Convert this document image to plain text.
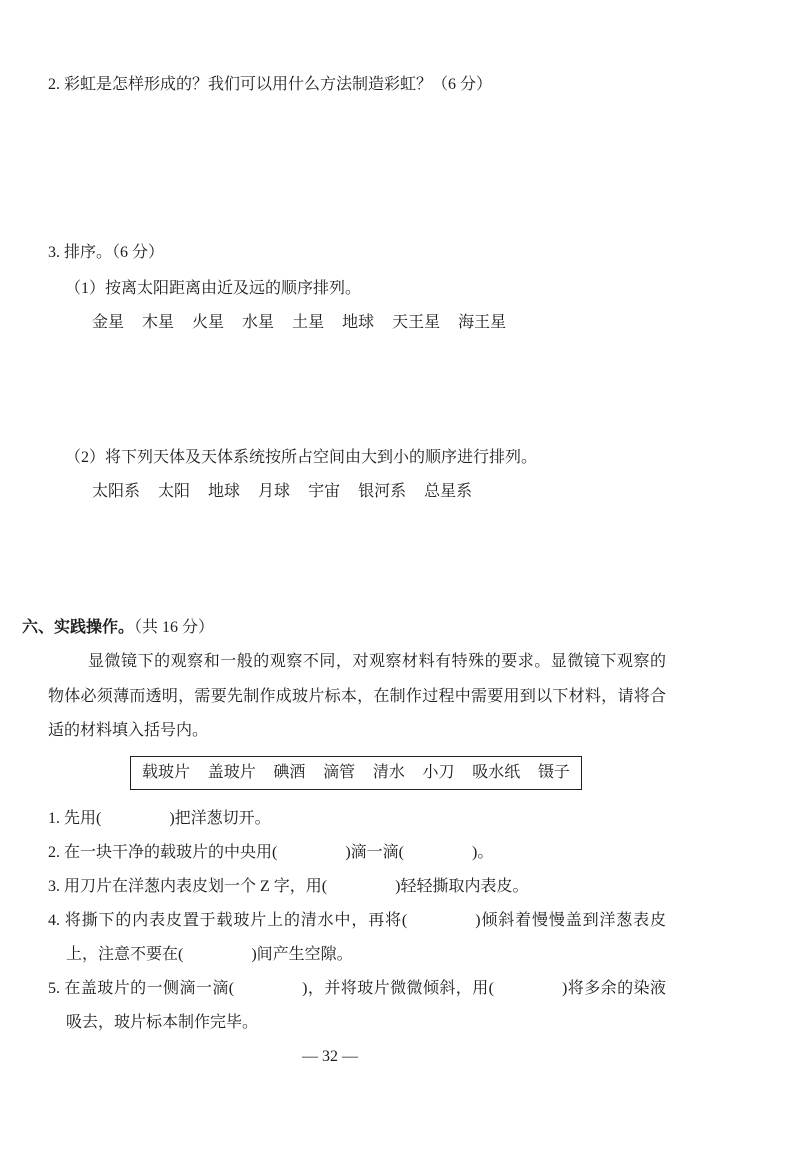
2. 彩虹是怎样形成的？我们可以用什么方法制造彩虹？（6 分）
3. 排序。（6 分）
（1）按离太阳距离由近及远的顺序排列。
金星 木星 火星 水星 土星 地球 天王星 海王星
（2）将下列天体及天体系统按所占空间由大到小的顺序进行排列。
太阳系 太阳 地球 月球 宇宙 银河系 总星系
六、实践操作。（共 16 分）
显微镜下的观察和一般的观察不同，对观察材料有特殊的要求。显微镜下观察的
物体必须薄而透明，需要先制作成玻片标本，在制作过程中需要用到以下材料，请将合
适的材料填入括号内。
载玻片 盖玻片 碘酒 滴管 清水 小刀 吸水纸 镊子
1. 先用(	)把洋葱切开。
2. 在一块干净的载玻片的中央用(	)滴一滴(	)。
3. 用刀片在洋葱内表皮划一个 Z 字，用(	)轻轻撕取内表皮。
4. 将撕下的内表皮置于载玻片上的清水中，再将(	)倾斜着慢慢盖到洋葱表皮
上，注意不要在(	)间产生空隙。
5. 在盖玻片的一侧滴一滴(	)，并将玻片微微倾斜，用(	)将多余的染液
吸去，玻片标本制作完毕。
— 32 —
